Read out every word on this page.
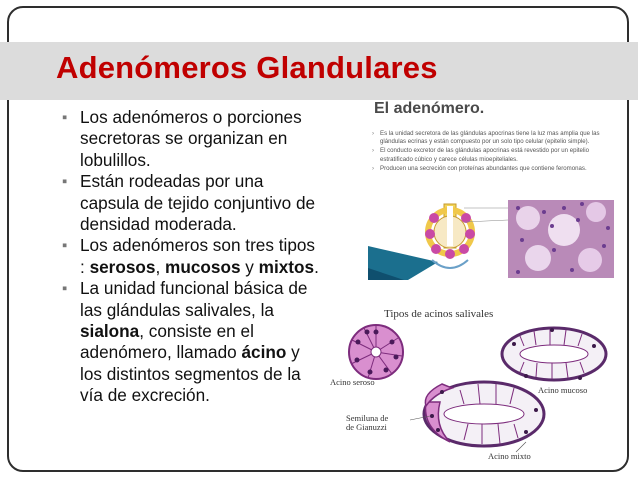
Adenómeros Glandulares
▪ Los adenómeros o porciones secretoras se organizan en lobulillos.
▪ Están rodeadas por una capsula de tejido conjuntivo de densidad moderada.
▪ Los adenómeros son tres tipos : serosos, mucosos y mixtos.
▪ La unidad funcional básica de las glándulas salivales, la sialona, consiste en el adenómero, llamado ácino y los distintos segmentos de la vía de excreción.
El adenómero.
› Es la unidad secretora de las glándulas apocrinas tiene la luz mas amplia que las glándulas ecrinas y están compuesto por un solo tipo celular (epitelio simple).
› El conducto excretor de las glándulas apocrinas está revestido por un epitelio estratificado cúbico y carece células mioepiteliales.
› Producen una secreción con proteínas abundantes que contiene feromonas.
Tipos de acinos salivales
Acino seroso
Acino mucoso
Semiluna de
de Gianuzzi
Acino mixto
